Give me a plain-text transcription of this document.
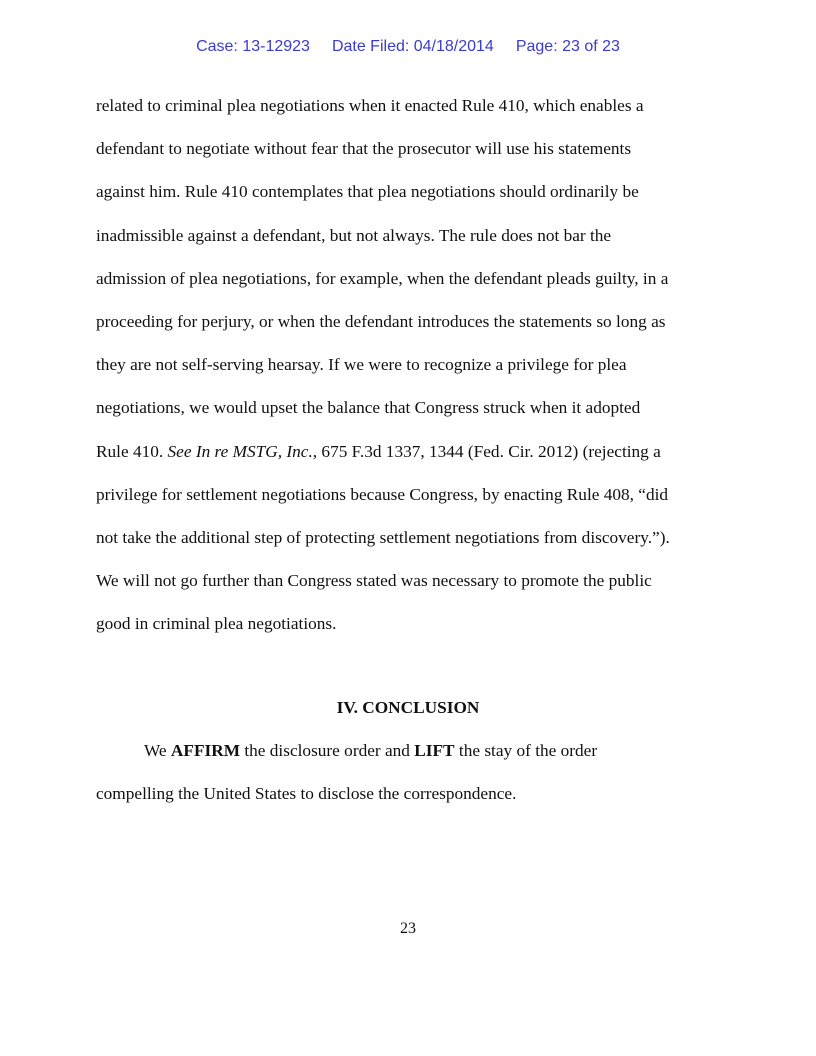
Case: 13-12923 Date Filed: 04/18/2014 Page: 23 of 23
related to criminal plea negotiations when it enacted Rule 410, which enables a
defendant to negotiate without fear that the prosecutor will use his statements
against him. Rule 410 contemplates that plea negotiations should ordinarily be
inadmissible against a defendant, but not always. The rule does not bar the
admission of plea negotiations, for example, when the defendant pleads guilty, in a
proceeding for perjury, or when the defendant introduces the statements so long as
they are not self-serving hearsay. If we were to recognize a privilege for plea
negotiations, we would upset the balance that Congress struck when it adopted
Rule 410. See In re MSTG, Inc., 675 F.3d 1337, 1344 (Fed. Cir. 2012) (rejecting a
privilege for settlement negotiations because Congress, by enacting Rule 408, “did
not take the additional step of protecting settlement negotiations from discovery.”).
We will not go further than Congress stated was necessary to promote the public
good in criminal plea negotiations.
IV. CONCLUSION
We AFFIRM the disclosure order and LIFT the stay of the order
compelling the United States to disclose the correspondence.
23
